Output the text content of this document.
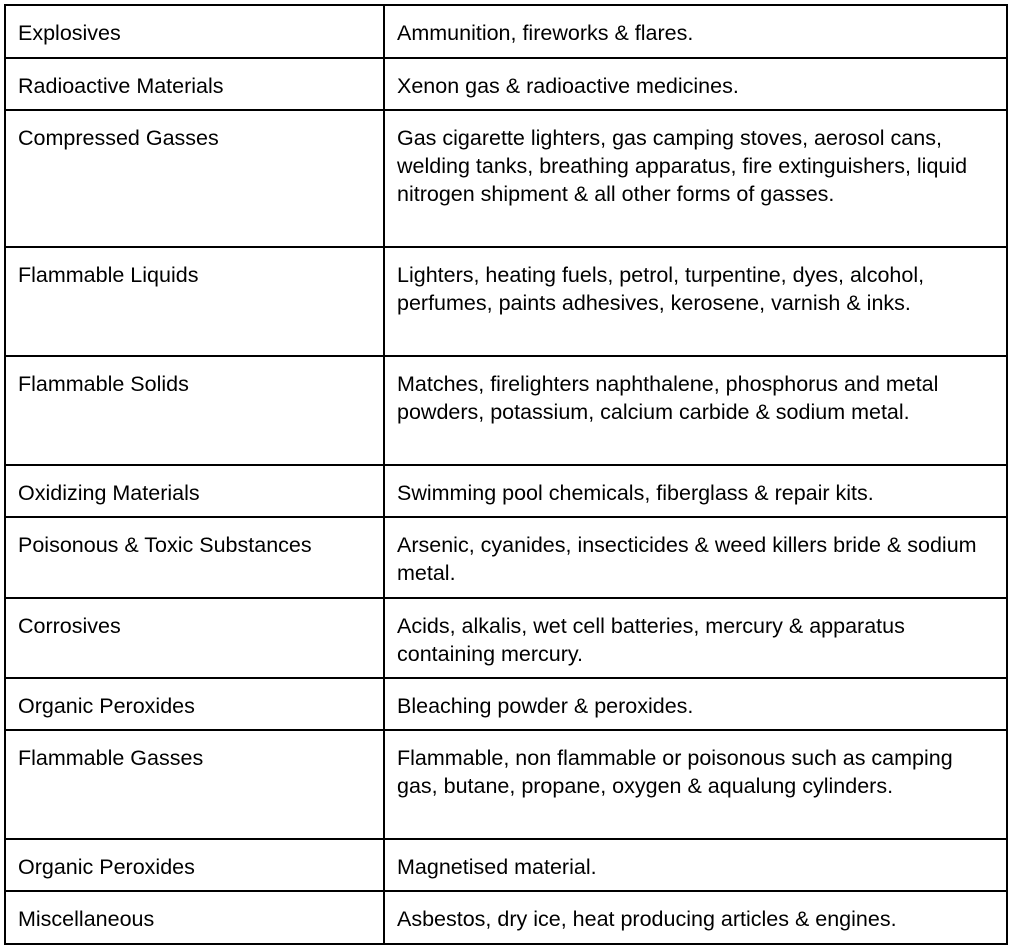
Explosives	Ammunition, fireworks & flares.
Radioactive Materials	Xenon gas & radioactive medicines.
Compressed Gasses	Gas cigarette lighters, gas camping stoves, aerosol cans, welding tanks, breathing apparatus, fire extinguishers, liquid nitrogen shipment & all other forms of gasses.
Flammable Liquids	Lighters, heating fuels, petrol, turpentine, dyes, alcohol, perfumes, paints adhesives, kerosene, varnish & inks.
Flammable Solids	Matches, firelighters naphthalene, phosphorus and metal powders, potassium, calcium carbide & sodium metal.
Oxidizing Materials	Swimming pool chemicals, fiberglass & repair kits.
Poisonous & Toxic Substances	Arsenic, cyanides, insecticides & weed killers bride & sodium metal.
Corrosives	Acids, alkalis, wet cell batteries, mercury & apparatus containing mercury.
Organic Peroxides	Bleaching powder & peroxides.
Flammable Gasses	Flammable, non flammable or poisonous such as camping gas, butane, propane, oxygen & aqualung cylinders.
Organic Peroxides	Magnetised material.
Miscellaneous	Asbestos, dry ice, heat producing articles & engines.
